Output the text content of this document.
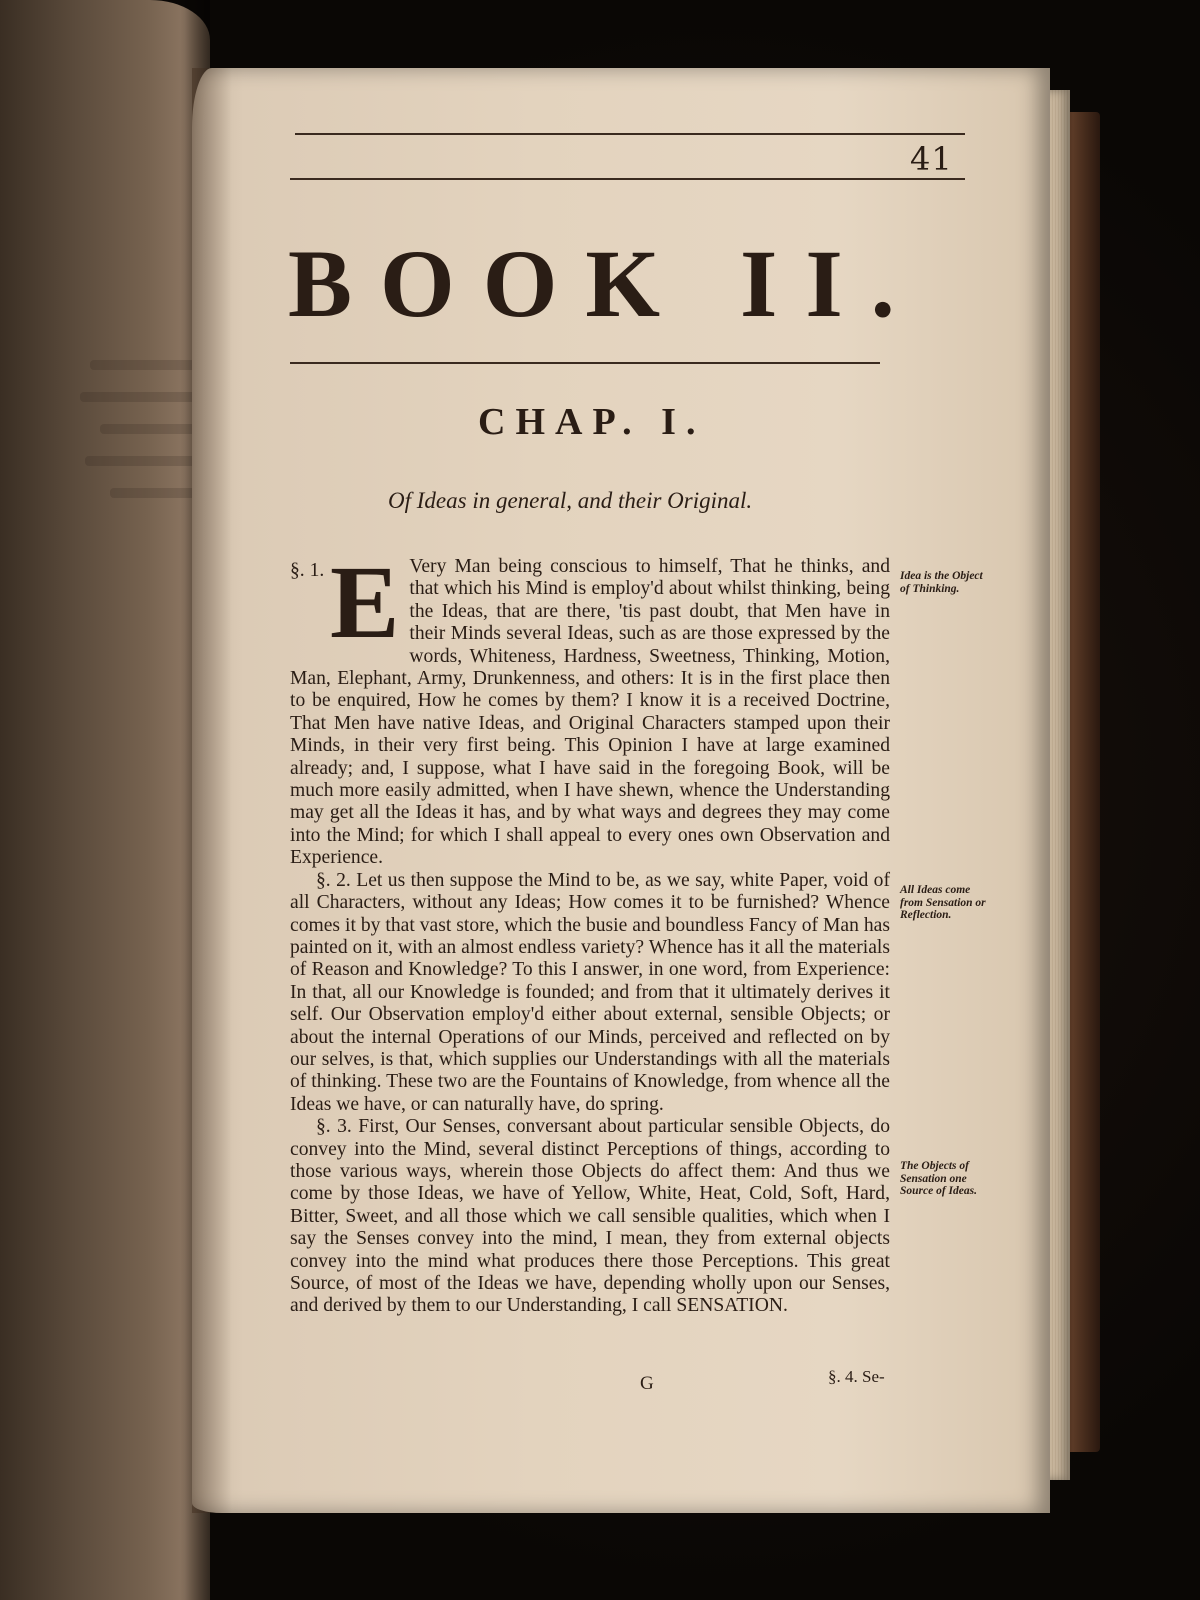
41
BOOK II.
CHAP. I.
Of Ideas in general, and their Original.

E Very Man being conscious to himself, That he thinks, and that which his Mind is employ'd about whilst thinking, being the Ideas, that are there, 'tis past doubt, that Men have in their Minds several Ideas, such as are those expressed by the words, Whiteness, Hardness, Sweetness, Thinking, Motion, Man, Elephant, Army, Drunkenness, and others: It is in the first place then to be enquired, How he comes by them? I know it is a received Doctrine, That Men have native Ideas, and Original Characters stamped upon their Minds, in their very first being. This Opinion I have at large examined already; and, I suppose, what I have said in the foregoing Book, will be much more easily admitted, when I have shewn, whence the Understanding may get all the Ideas it has, and by what ways and degrees they may come into the Mind; for which I shall appeal to every ones own Observation and Experience.

§. 2. Let us then suppose the Mind to be, as we say, white Paper, void of all Characters, without any Ideas; How comes it to be furnished? Whence comes it by that vast store, which the busie and boundless Fancy of Man has painted on it, with an almost endless variety? Whence has it all the materials of Reason and Knowledge? To this I answer, in one word, from Experience: In that, all our Knowledge is founded; and from that it ultimately derives it self. Our Observation employ'd either about external, sensible Objects; or about the internal Operations of our Minds, perceived and reflected on by our selves, is that, which supplies our Understandings with all the materials of thinking. These two are the Fountains of Knowledge, from whence all the Ideas we have, or can naturally have, do spring.

§. 3. First, Our Senses, conversant about particular sensible Objects, do convey into the Mind, several distinct Perceptions of things, according to those various ways, wherein those Objects do affect them: And thus we come by those Ideas, we have of Yellow, White, Heat, Cold, Soft, Hard, Bitter, Sweet, and all those which we call sensible qualities, which when I say the Senses convey into the mind, I mean, they from external objects convey into the mind what produces there those Perceptions. This great Source, of most of the Ideas we have, depending wholly upon our Senses, and derived by them to our Understanding, I call SENSATION.

§. 1.	Idea is the Object of Thinking.
All Ideas come from Sensation or Reflection.
The Objects of Sensation one Source of Ideas.
G	§. 4. Se-
